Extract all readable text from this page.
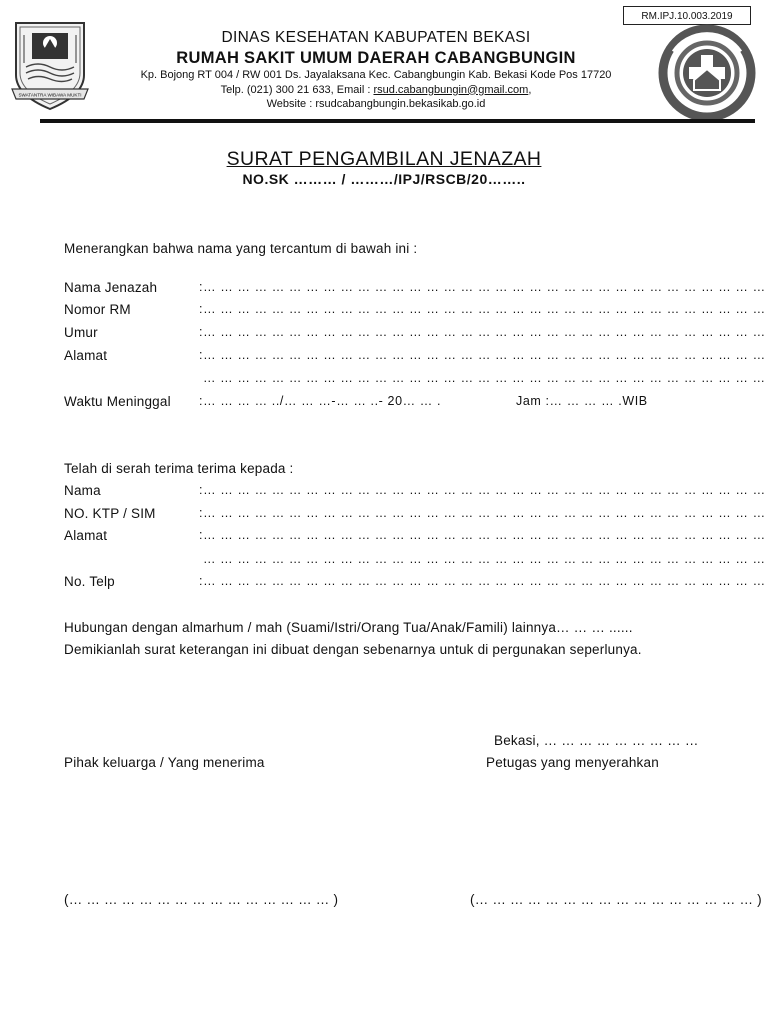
RM.IPJ.10.003.2019
SWATANTRA WIBAWA MUKTI
DINAS KESEHATAN KABUPATEN BEKASI
RUMAH SAKIT UMUM DAERAH CABANGBUNGIN
Kp. Bojong RT 004 / RW 001 Ds. Jayalaksana Kec. Cabangbungin Kab. Bekasi Kode Pos 17720
Telp. (021) 300 21 633, Email : rsud.cabangbungin@gmail.com,
Website : rsudcabangbungin.bekasikab.go.id
SURAT PENGAMBILAN JENAZAH
NO.SK ……… / ………/IPJ/RSCB/20……..
Menerangkan bahwa nama yang tercantum di bawah ini :
Nama Jenazah	:… … … … … … … … … … … … … … … … … … … … … … … … … … … … … … … … …
Nomor RM	:… … … … … … … … … … … … … … … … … … … … … … … … … … … … … … … … …
Umur	:… … … … … … … … … … … … … … … … … … … … … … … … … … … … … … … … …
Alamat	:… … … … … … … … … … … … … … … … … … … … … … … … … … … … … … … … …
… … … … … … … … … … … … … … … … … … … … … … … … … … … … … … … … …
Waktu Meninggal :… … … … ../… … …-… … ..- 20… … .	Jam :… … … … .WIB
Telah di serah terima terima kepada :
Nama	:… … … … … … … … … … … … … … … … … … … … … … … … … … … … … … … … …
NO. KTP / SIM	:… … … … … … … … … … … … … … … … … … … … … … … … … … … … … … … … …
Alamat	:… … … … … … … … … … … … … … … … … … … … … … … … … … … … … … … … …
… … … … … … … … … … … … … … … … … … … … … … … … … … … … … … … … …
No. Telp	:… … … … … … … … … … … … … … … … … … … … … … … … … … … … … … … … …
Hubungan dengan almarhum / mah (Suami/Istri/Orang Tua/Anak/Famili) lainnya… … … ......
Demikianlah surat keterangan ini dibuat dengan sebenarnya untuk di pergunakan seperlunya.
Bekasi, … … … … … … … … …
Pihak keluarga / Yang menerima	Petugas yang menyerahkan
(… … … … … … … … … … … … … … … )	(… … … … … … … … … … … … … … … … )
